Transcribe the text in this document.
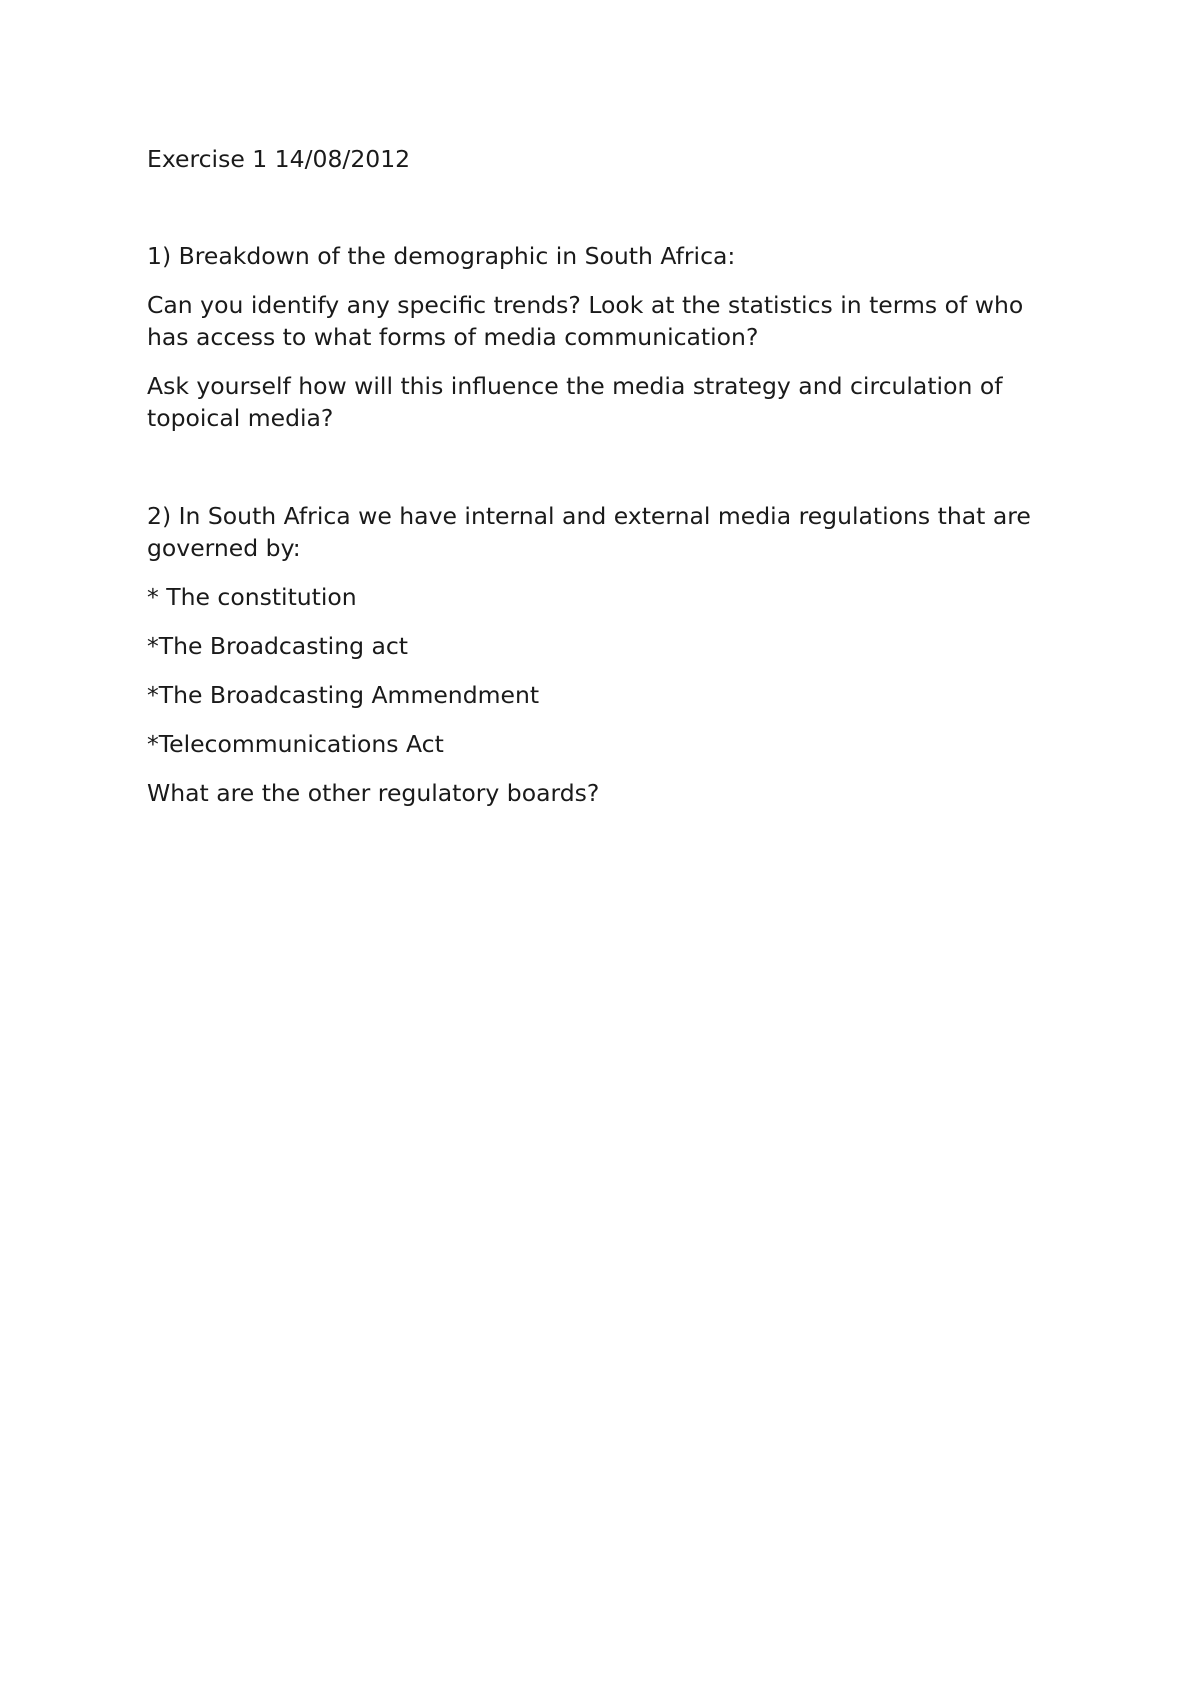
Exercise 1 14/08/2012

1) Breakdown of the demographic in South Africa:

Can you identify any specific trends? Look at the statistics in terms of who has access to what forms of media communication?

Ask yourself how will this influence the media strategy and circulation of topoical media?

2) In South Africa we have internal and external media regulations that are governed by:

* The constitution

*The Broadcasting act

*The Broadcasting Ammendment

*Telecommunications Act

What are the other regulatory boards?
